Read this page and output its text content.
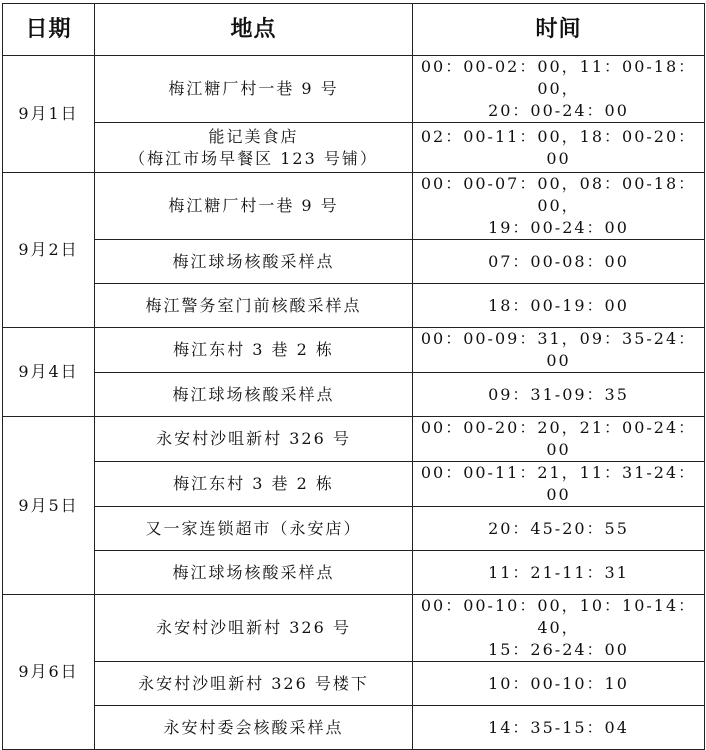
日期	地点	时间

9月1日	梅江糖厂村一巷 9 号	00：00-02：00，11：00-18：00，
20：00-24：00

	能记美食店
（梅江市场早餐区 123 号铺）	02：00-11：00，18：00-20：00

9月2日	梅江糖厂村一巷 9 号	00：00-07：00，08：00-18：00，
19：00-24：00

	梅江球场核酸采样点	07：00-08：00

	梅江警务室门前核酸采样点	18：00-19：00

9月4日	梅江东村 3 巷 2 栋	00：00-09：31，09：35-24：00

	梅江球场核酸采样点	09：31-09：35

9月5日	永安村沙咀新村 326 号	00：00-20：20，21：00-24：00

	梅江东村 3 巷 2 栋	00：00-11：21，11：31-24：00

	又一家连锁超市（永安店）	20：45-20：55

	梅江球场核酸采样点	11：21-11：31

9月6日	永安村沙咀新村 326 号	00：00-10：00，10：10-14：40，
15：26-24：00

	永安村沙咀新村 326 号楼下	10：00-10：10

	永安村委会核酸采样点	14：35-15：04
